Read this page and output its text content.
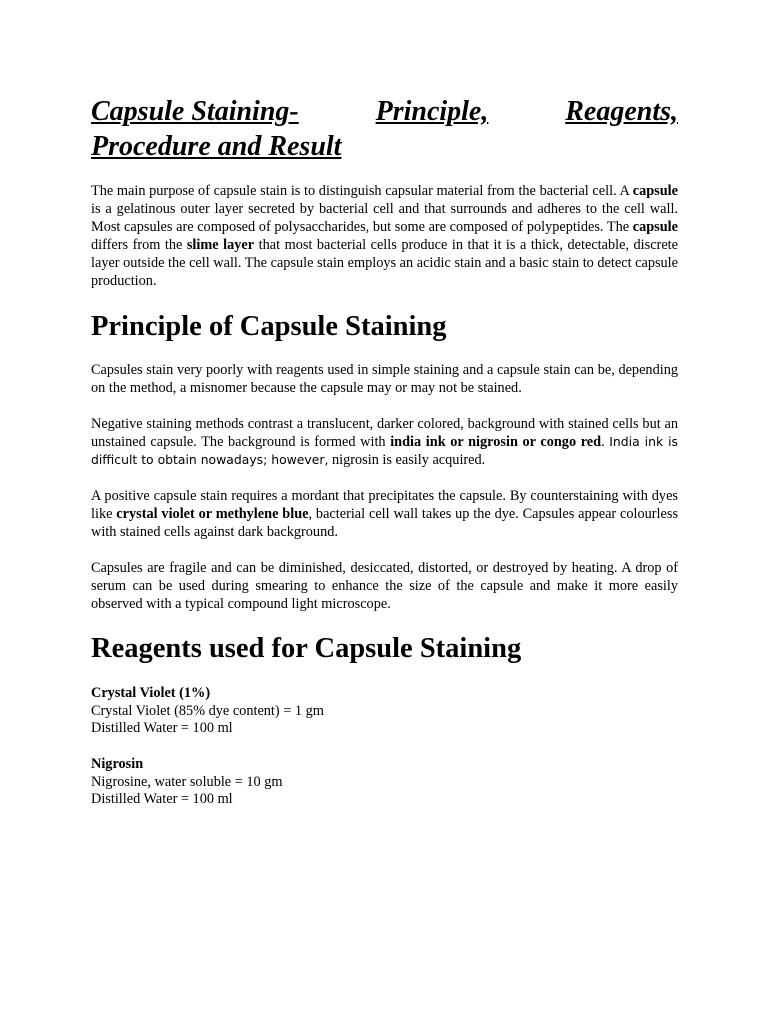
Capsule Staining-	Principle,	Reagents,
Procedure and Result

The main purpose of capsule stain is to distinguish capsular material from the bacterial cell. A capsule is a gelatinous outer layer secreted by bacterial cell and that surrounds and adheres to the cell wall. Most capsules are composed of polysaccharides, but some are composed of polypeptides. The capsule differs from the slime layer that most bacterial cells produce in that it is a thick, detectable, discrete layer outside the cell wall. The capsule stain employs an acidic stain and a basic stain to detect capsule production.

Principle of Capsule Staining

Capsules stain very poorly with reagents used in simple staining and a capsule stain can be, depending on the method, a misnomer because the capsule may or may not be stained.

Negative staining methods contrast a translucent, darker colored, background with stained cells but an unstained capsule. The background is formed with india ink or nigrosin or congo red. India ink is difficult to obtain nowadays; however, nigrosin is easily acquired.

A positive capsule stain requires a mordant that precipitates the capsule. By counterstaining with dyes like crystal violet or methylene blue, bacterial cell wall takes up the dye. Capsules appear colourless with stained cells against dark background.

Capsules are fragile and can be diminished, desiccated, distorted, or destroyed by heating. A drop of serum can be used during smearing to enhance the size of the capsule and make it more easily observed with a typical compound light microscope.

Reagents used for Capsule Staining
Crystal Violet (1%)
Crystal Violet (85% dye content) = 1 gm
Distilled Water = 100 ml
Nigrosin
Nigrosine, water soluble = 10 gm
Distilled Water = 100 ml
